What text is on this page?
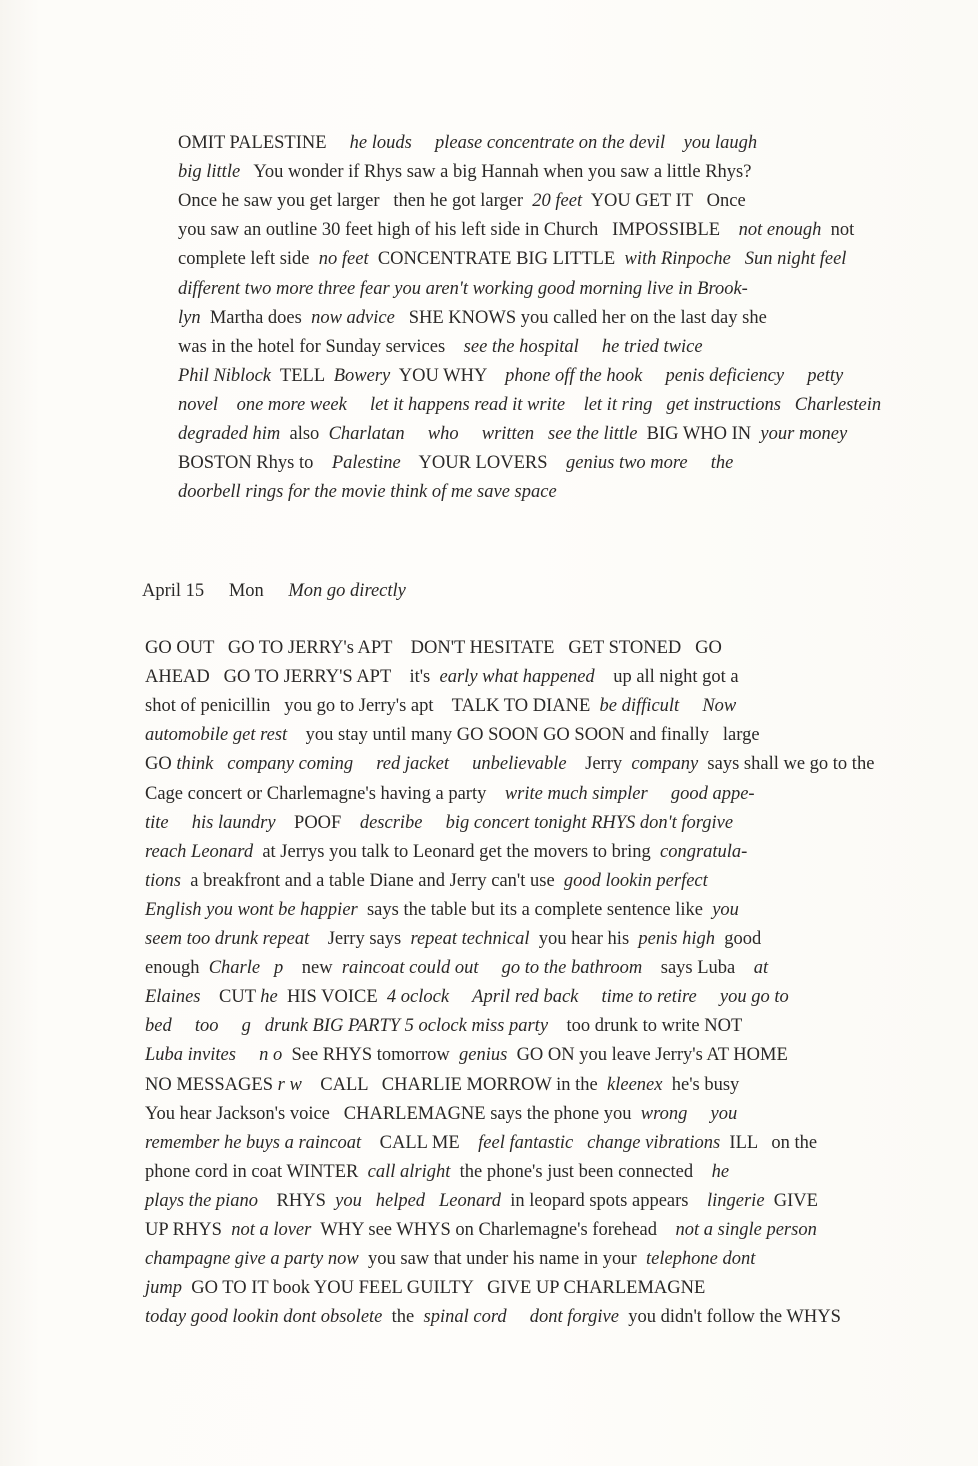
OMIT PALESTINE he louds please concentrate on the devil you laugh
big little   You wonder if Rhys saw a big Hannah when you saw a little Rhys?
Once he saw you get larger   then he got larger  20 feet  YOU GET IT   Once
you saw an outline 30 feet high of his left side in Church   IMPOSSIBLE not enough  not
complete left side  no feet  CONCENTRATE BIG LITTLE  with Rinpoche Sun night feel
different two more three fear you aren't working good morning live in Brook-
lyn  Martha does  now advice   SHE KNOWS you called her on the last day she
was in the hotel for Sunday services    see the hospital he tried twice
Phil Niblock  TELL  Bowery  YOU WHY    phone off the hook penis deficiency petty
novel one more week let it happens read it write let it ring get instructions Charlestein
degraded him  also  Charlatan who written see the little  BIG WHO IN  your money
BOSTON Rhys to    Palestine    YOUR LOVERS    genius two more the
doorbell rings for the movie think of me save space
April 15 Mon Mon go directly
GO OUT   GO TO JERRY's APT    DON'T HESITATE   GET STONED   GO
AHEAD   GO TO JERRY'S APT    it's  early what happened    up all night got a
shot of penicillin   you go to Jerry's apt    TALK TO DIANE  be difficult Now
automobile get rest    you stay until many GO SOON GO SOON and finally   large
GO think company coming red jacket unbelievable    Jerry  company  says shall we go to the
Cage concert or Charlemagne's having a party    write much simpler good appe-
tite his laundry    POOF    describe big concert tonight RHYS don't forgive
reach Leonard  at Jerrys you talk to Leonard get the movers to bring  congratula-
tions  a breakfront and a table Diane and Jerry can't use  good lookin perfect
English you wont be happier  says the table but its a complete sentence like  you
seem too drunk repeat    Jerry says  repeat technical  you hear his  penis high  good
enough  Charle p    new  raincoat could out go to the bathroom    says Luba    at
Elaines    CUT he  HIS VOICE  4 oclock April red back time to retire you go to
bed too g drunk BIG PARTY 5 oclock miss party    too drunk to write NOT
Luba invites n o  See RHYS tomorrow  genius  GO ON you leave Jerry's AT HOME
NO MESSAGES r w    CALL   CHARLIE MORROW in the  kleenex  he's busy
You hear Jackson's voice   CHARLEMAGNE says the phone you  wrong you
remember he buys a raincoat    CALL ME    feel fantastic change vibrations  ILL   on the
phone cord in coat WINTER  call alright  the phone's just been connected    he
plays the piano    RHYS  you helped Leonard  in leopard spots appears    lingerie  GIVE
UP RHYS  not a lover  WHY see WHYS on Charlemagne's forehead    not a single person
champagne give a party now  you saw that under his name in your  telephone dont
jump  GO TO IT book YOU FEEL GUILTY   GIVE UP CHARLEMAGNE
today good lookin dont obsolete  the  spinal cord dont forgive  you didn't follow the WHYS
